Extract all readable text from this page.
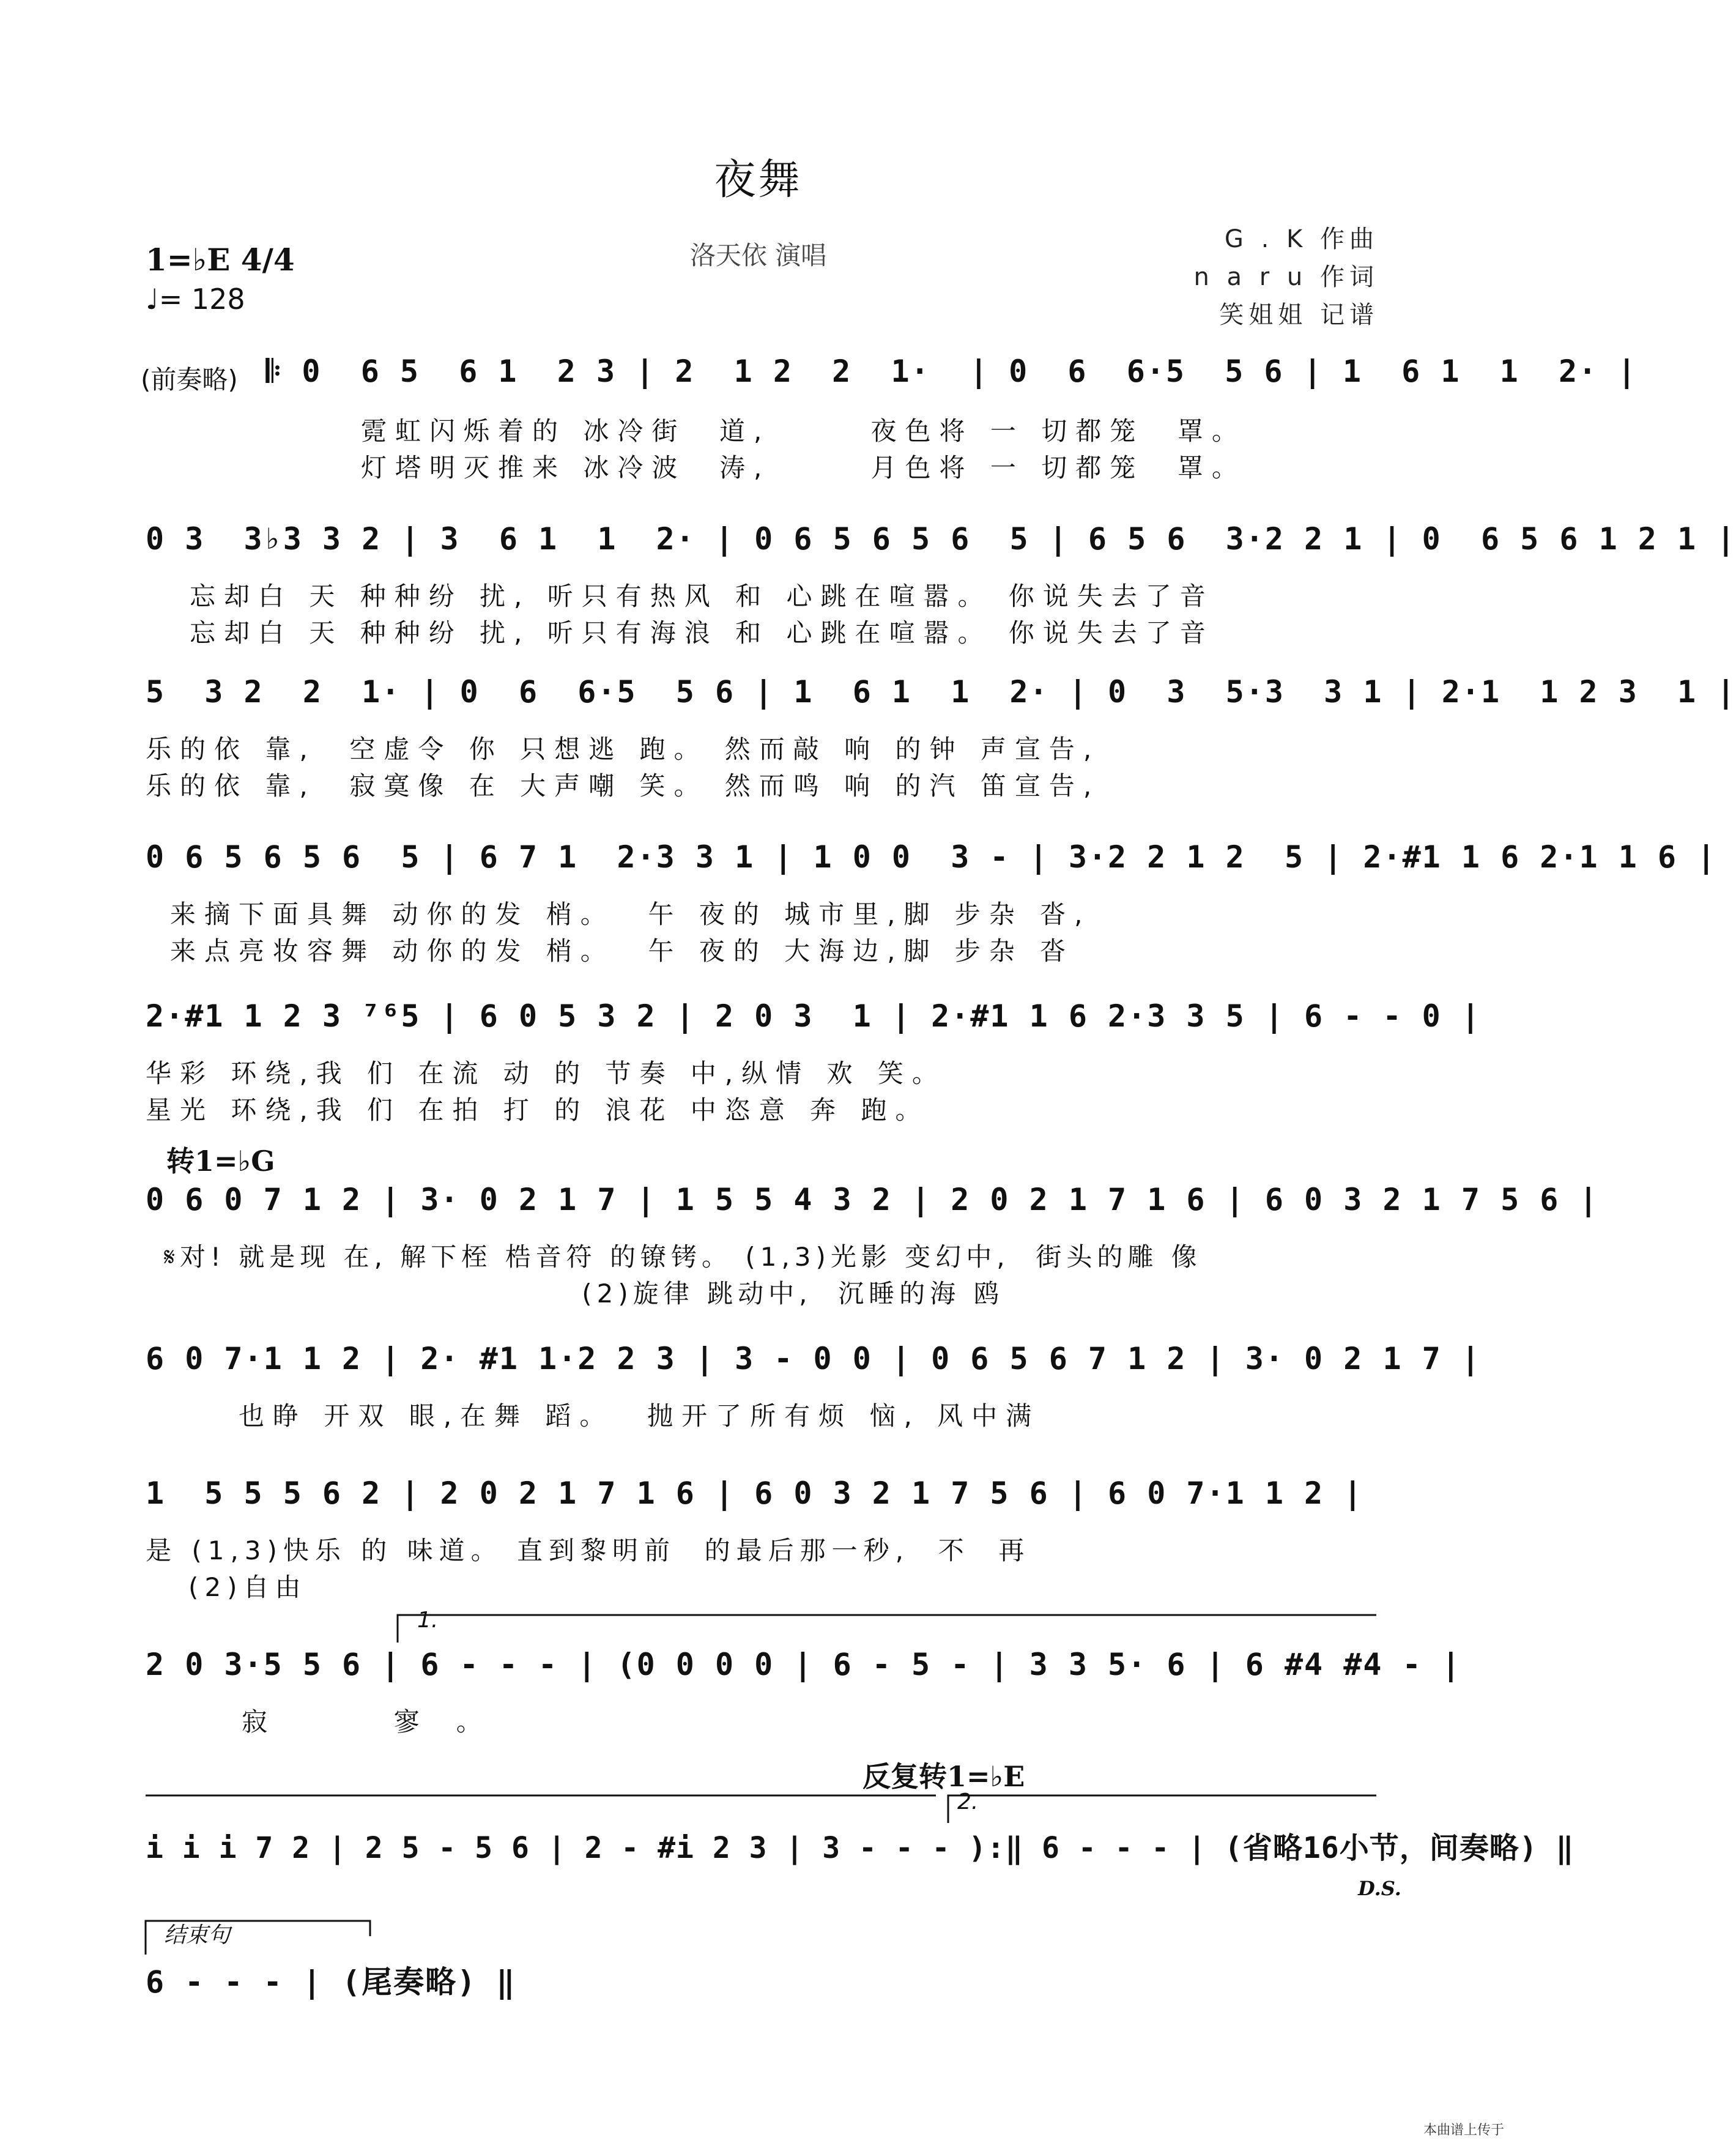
夜舞
洛天依 演唱
G . K 作曲
n a r u 作词
笑姐姐 记谱
1=♭E 4/4
♩= 128
(前奏略) 𝄆 0  6 5  6 1  2 3 | 2  1 2  2  1·  | 0  6  6·5  5 6 | 1  6 1  1  2· |
霓虹闪烁着的 冰冷街  道,      夜色将 一 切都笼  罩。
灯塔明灭推来 冰冷波  涛,      月色将 一 切都笼  罩。
0 3  3♭3 3 2 | 3  6 1  1  2· | 0 6 5 6 5 6  5 | 6 5 6  3·2 2 1 | 0  6 5 6 1 2 1 |
忘却白 天 种种纷 扰, 听只有热风 和 心跳在喧嚣。 你说失去了音
忘却白 天 种种纷 扰, 听只有海浪 和 心跳在喧嚣。 你说失去了音
5  3 2  2  1· | 0  6  6·5  5 6 | 1  6 1  1  2· | 0  3  5·3  3 1 | 2·1  1 2 3  1 |
乐的依 靠,  空虚令 你 只想逃 跑。 然而敲 响 的钟 声宣告,
乐的依 靠,  寂寞像 在 大声嘲 笑。 然而鸣 响 的汽 笛宣告,
0 6 5 6 5 6  5 | 6 7 1  2·3 3 1 | 1 0 0  3 - | 3·2 2 1 2  5 | 2·#1 1 6 2·1 1 6 |
来摘下面具舞 动你的发 梢。  午 夜的 城市里,脚 步杂 沓,
来点亮妆容舞 动你的发 梢。  午 夜的 大海边,脚 步杂 沓
2·#1 1 2 3 ⁷⁶5 | 6 0 5 3 2 | 2 0 3  1 | 2·#1 1 6 2·3 3 5 | 6 - - 0 |
华彩 环绕,我 们 在流 动 的 节奏 中,纵情 欢 笑。
星光 环绕,我 们 在拍 打 的 浪花 中恣意 奔 跑。
转1=♭G
0 6 0 7 1 2 | 3· 0 2 1 7 | 1 5 5 4 3 2 | 2 0 2 1 7 1 6 | 6 0 3 2 1 7 5 6 |
𝄋对! 就是现 在, 解下桎 梏音符 的镣铐。 (1,3)光影 变幻中,  街头的雕 像
(2)旋律 跳动中,  沉睡的海 鸥
6 0 7·1 1 2 | 2· #1 1·2 2 3 | 3 - 0 0 | 0 6 5 6 7 1 2 | 3· 0 2 1 7 |
也睁 开双 眼,在舞 蹈。  抛开了所有烦 恼, 风中满
1  5 5 5 6 2 | 2 0 2 1 7 1 6 | 6 0 3 2 1 7 5 6 | 6 0 7·1 1 2 |
是 (1,3)快乐 的 味道。 直到黎明前  的最后那一秒,  不  再
(2)自由
1.
2 0 3·5 5 6 | 6 - - - | (0 0 0 0 | 6 - 5 - | 3 3 5· 6 | 6 #4 #4 - |
寂  寥。
反复转1=♭E
2.
i i i 7 2 | 2 5 - 5 6 | 2 - #i 2 3 | 3 - - - ):‖ 6 - - - | (省略16小节，间奏略) ‖
D.S.
结束句
6 - - - | (尾奏略) ‖
本曲谱上传于
